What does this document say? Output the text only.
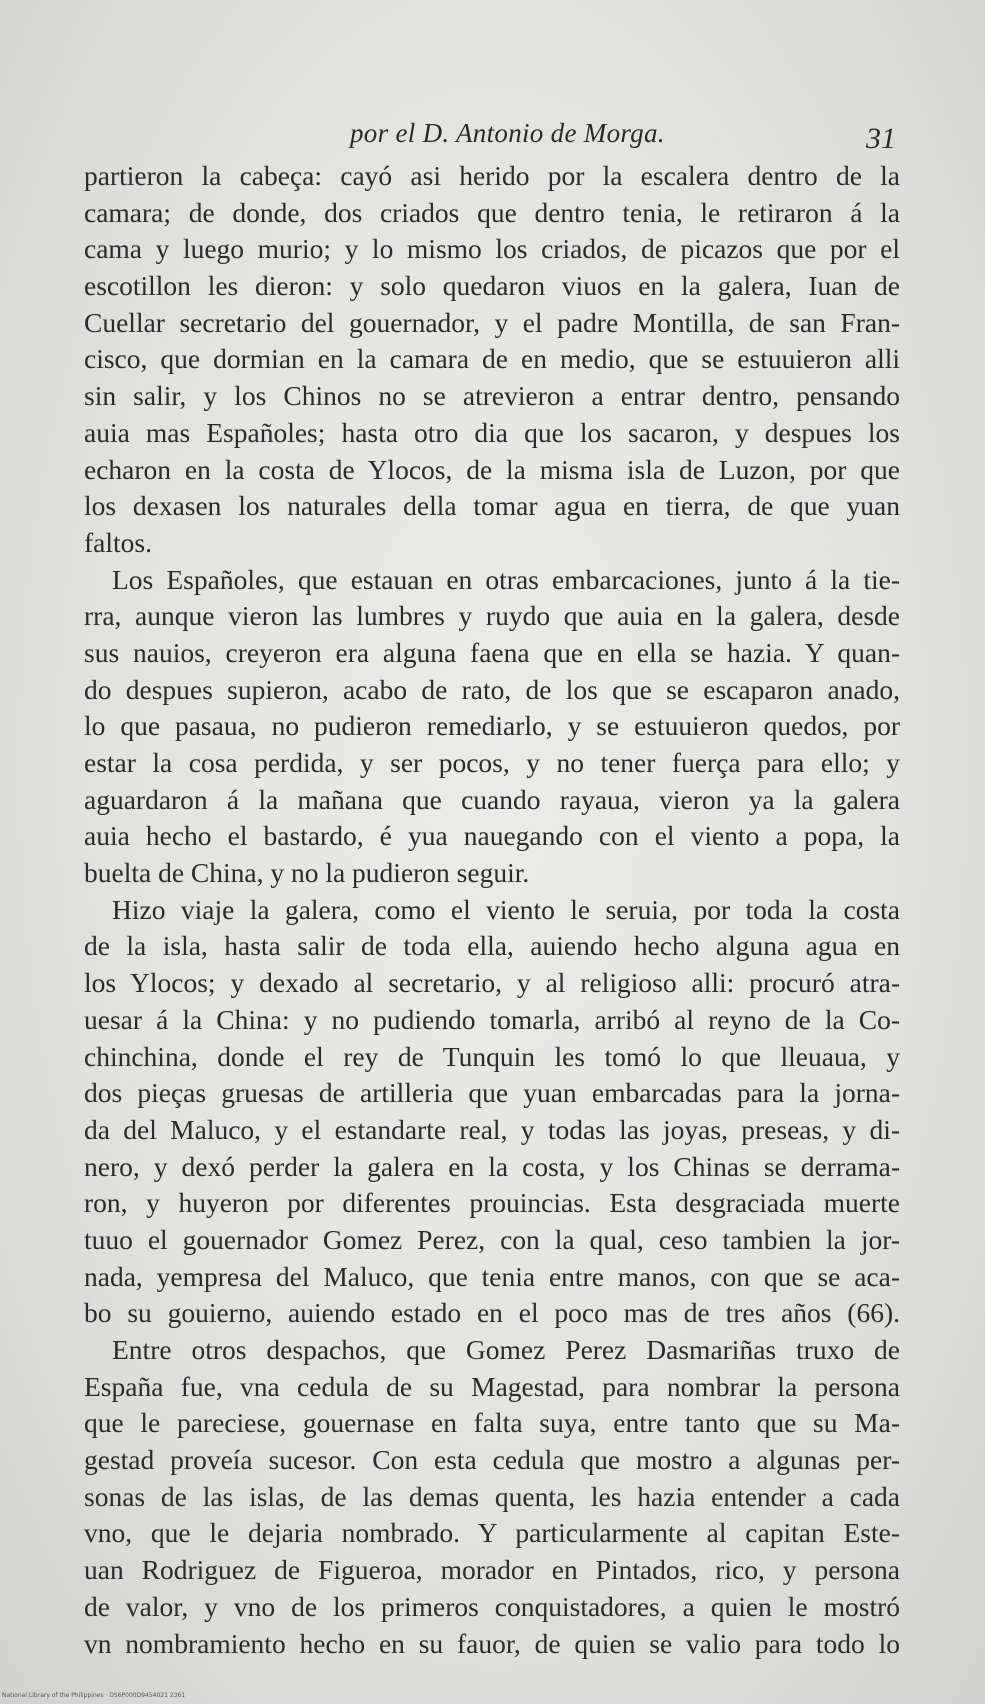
por el D. Antonio de Morga.	31
partieron la cabeça: cayó asi herido por la escalera dentro de la
camara; de donde, dos criados que dentro tenia, le retiraron á la
cama y luego murio; y lo mismo los criados, de picazos que por el
escotillon les dieron: y solo quedaron viuos en la galera, Iuan de
Cuellar secretario del gouernador, y el padre Montilla, de san Fran-
cisco, que dormian en la camara de en medio, que se estuuieron alli
sin salir, y los Chinos no se atrevieron a entrar dentro, pensando
auia mas Españoles; hasta otro dia que los sacaron, y despues los
echaron en la costa de Ylocos, de la misma isla de Luzon, por que
los dexasen los naturales della tomar agua en tierra, de que yuan
faltos.
Los Españoles, que estauan en otras embarcaciones, junto á la tie-
rra, aunque vieron las lumbres y ruydo que auia en la galera, desde
sus nauios, creyeron era alguna faena que en ella se hazia. Y quan-
do despues supieron, acabo de rato, de los que se escaparon anado,
lo que pasaua, no pudieron remediarlo, y se estuuieron quedos, por
estar la cosa perdida, y ser pocos, y no tener fuerça para ello; y
aguardaron á la mañana que cuando rayaua, vieron ya la galera
auia hecho el bastardo, é yua nauegando con el viento a popa, la
buelta de China, y no la pudieron seguir.
Hizo viaje la galera, como el viento le seruia, por toda la costa
de la isla, hasta salir de toda ella, auiendo hecho alguna agua en
los Ylocos; y dexado al secretario, y al religioso alli: procuró atra-
uesar á la China: y no pudiendo tomarla, arribó al reyno de la Co-
chinchina, donde el rey de Tunquin les tomó lo que lleuaua, y
dos pieças gruesas de artilleria que yuan embarcadas para la jorna-
da del Maluco, y el estandarte real, y todas las joyas, preseas, y di-
nero, y dexó perder la galera en la costa, y los Chinas se derrama-
ron, y huyeron por diferentes prouincias. Esta desgraciada muerte
tuuo el gouernador Gomez Perez, con la qual, ceso tambien la jor-
nada, yempresa del Maluco, que tenia entre manos, con que se aca-
bo su gouierno, auiendo estado en el poco mas de tres años (66).
Entre otros despachos, que Gomez Perez Dasmariñas truxo de
España fue, vna cedula de su Magestad, para nombrar la persona
que le pareciese, gouernase en falta suya, entre tanto que su Ma-
gestad proveía sucesor. Con esta cedula que mostro a algunas per-
sonas de las islas, de las demas quenta, les hazia entender a cada
vno, que le dejaria nombrado. Y particularmente al capitan Este-
uan Rodriguez de Figueroa, morador en Pintados, rico, y persona
de valor, y vno de los primeros conquistadores, a quien le mostró
vn nombramiento hecho en su fauor, de quien se valio para todo lo
National Library of the Philippines · DS6P000D9454021 2361
